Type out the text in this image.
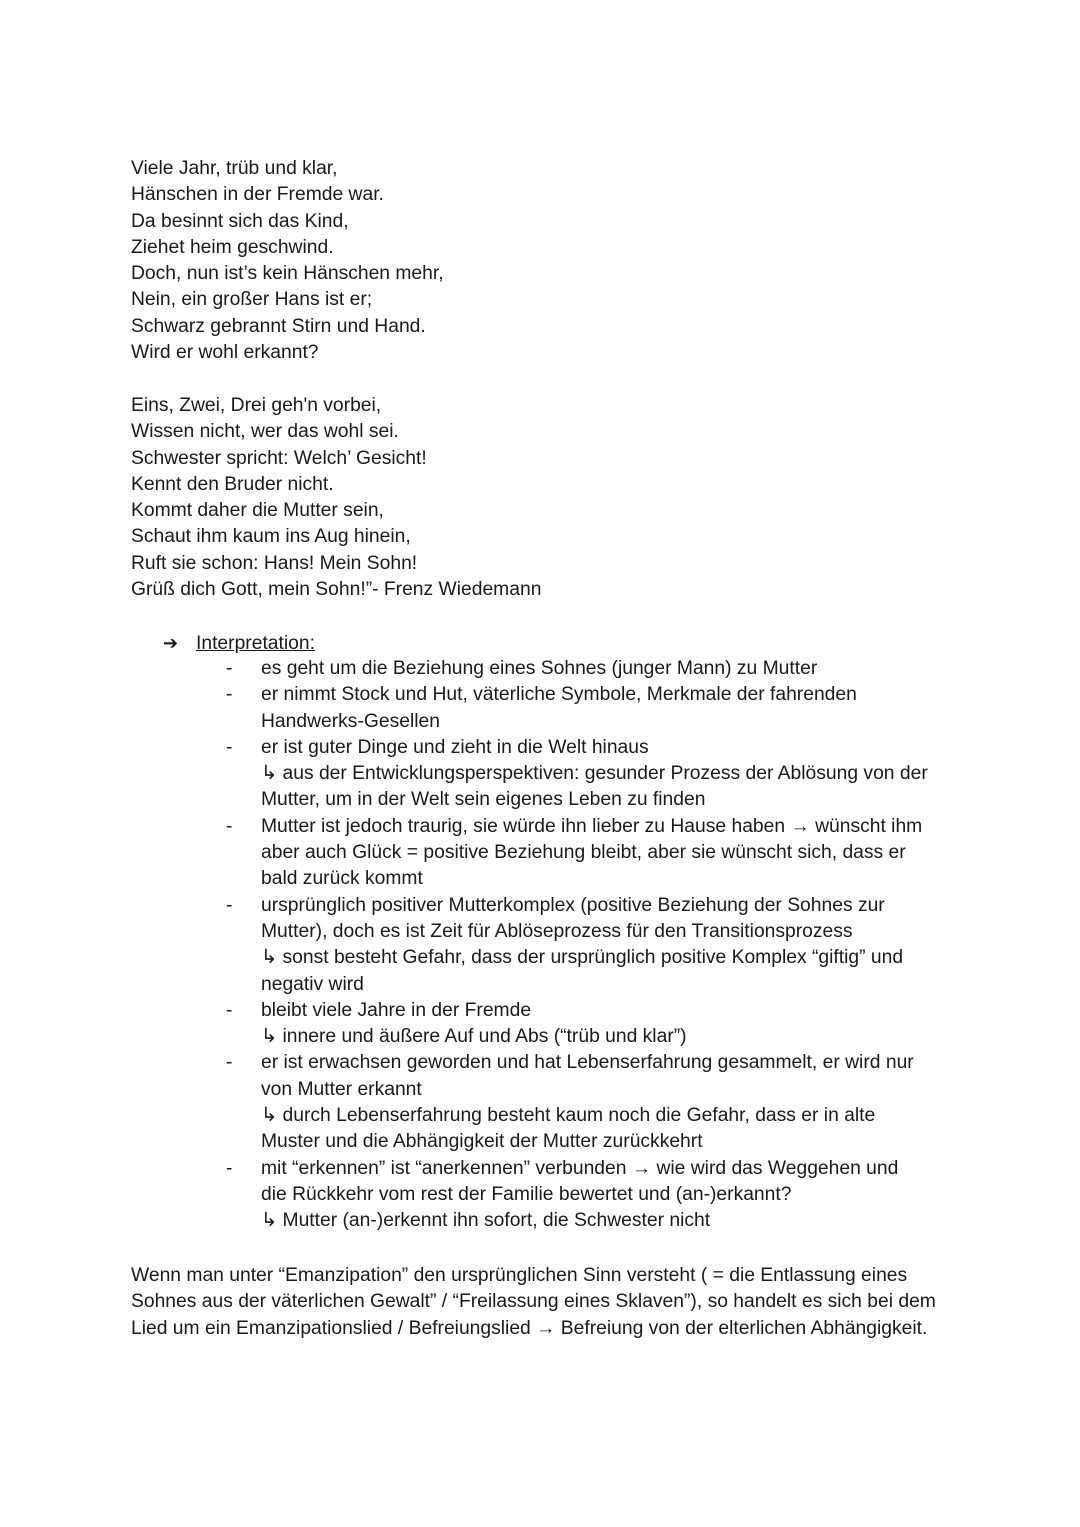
Viele Jahr, trüb und klar,
Hänschen in der Fremde war.
Da besinnt sich das Kind,
Ziehet heim geschwind.
Doch, nun ist’s kein Hänschen mehr,
Nein, ein großer Hans ist er;
Schwarz gebrannt Stirn und Hand.
Wird er wohl erkannt?
Eins, Zwei, Drei geh'n vorbei,
Wissen nicht, wer das wohl sei.
Schwester spricht: Welch’ Gesicht!
Kennt den Bruder nicht.
Kommt daher die Mutter sein,
Schaut ihm kaum ins Aug hinein,
Ruft sie schon: Hans! Mein Sohn!
Grüß dich Gott, mein Sohn!”- Frenz Wiedemann
➔ Interpretation:
- es geht um die Beziehung eines Sohnes (junger Mann) zu Mutter
- er nimmt Stock und Hut, väterliche Symbole, Merkmale der fahrenden
Handwerks-Gesellen
- er ist guter Dinge und zieht in die Welt hinaus
↳ aus der Entwicklungsperspektiven: gesunder Prozess der Ablösung von der
Mutter, um in der Welt sein eigenes Leben zu finden
- Mutter ist jedoch traurig, sie würde ihn lieber zu Hause haben → wünscht ihm
aber auch Glück = positive Beziehung bleibt, aber sie wünscht sich, dass er
bald zurück kommt
- ursprünglich positiver Mutterkomplex (positive Beziehung der Sohnes zur
Mutter), doch es ist Zeit für Ablöseprozess für den Transitionsprozess
↳ sonst besteht Gefahr, dass der ursprünglich positive Komplex “giftig” und
negativ wird
- bleibt viele Jahre in der Fremde
↳ innere und äußere Auf und Abs (“trüb und klar”)
- er ist erwachsen geworden und hat Lebenserfahrung gesammelt, er wird nur
von Mutter erkannt
↳ durch Lebenserfahrung besteht kaum noch die Gefahr, dass er in alte
Muster und die Abhängigkeit der Mutter zurückkehrt
- mit “erkennen” ist “anerkennen” verbunden → wie wird das Weggehen und
die Rückkehr vom rest der Familie bewertet und (an-)erkannt?
↳ Mutter (an-)erkennt ihn sofort, die Schwester nicht

Wenn man unter “Emanzipation” den ursprünglichen Sinn versteht ( = die Entlassung eines Sohnes aus der väterlichen Gewalt” / “Freilassung eines Sklaven”), so handelt es sich bei dem Lied um ein Emanzipationslied / Befreiungslied → Befreiung von der elterlichen Abhängigkeit.
